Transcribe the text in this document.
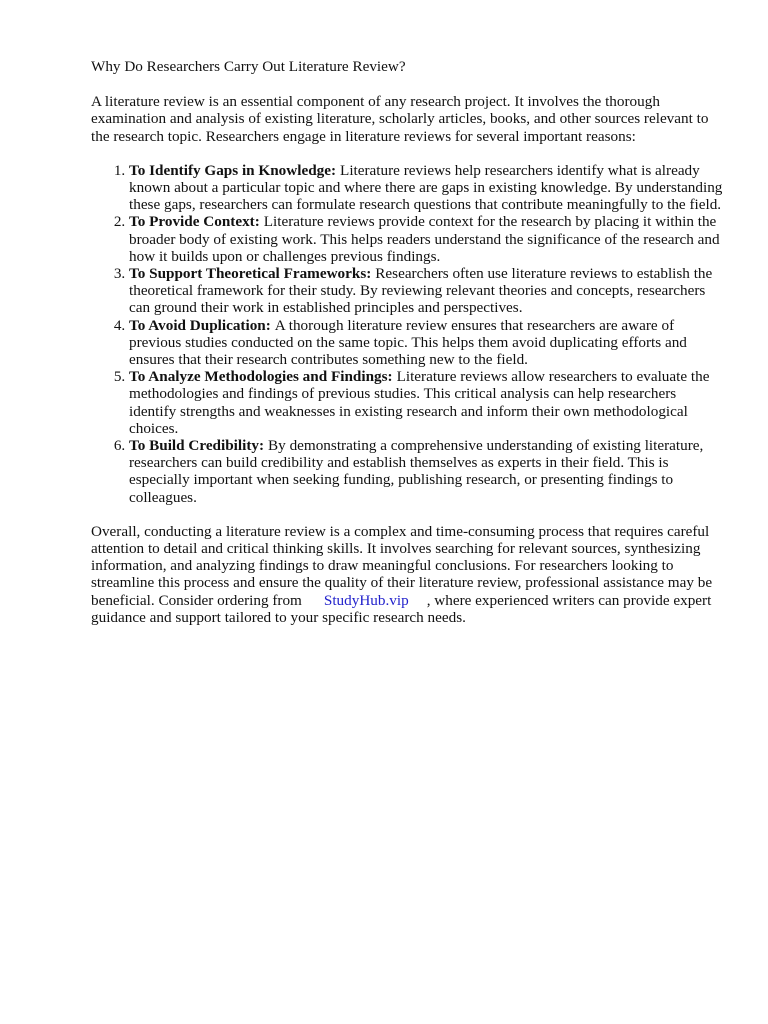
Why Do Researchers Carry Out Literature Review?

A literature review is an essential component of any research project. It involves the thorough examination and analysis of existing literature, scholarly articles, books, and other sources relevant to the research topic. Researchers engage in literature reviews for several important reasons:

1. To Identify Gaps in Knowledge: Literature reviews help researchers identify what is already known about a particular topic and where there are gaps in existing knowledge. By understanding these gaps, researchers can formulate research questions that contribute meaningfully to the field.
2. To Provide Context: Literature reviews provide context for the research by placing it within the broader body of existing work. This helps readers understand the significance of the research and how it builds upon or challenges previous findings.
3. To Support Theoretical Frameworks: Researchers often use literature reviews to establish the theoretical framework for their study. By reviewing relevant theories and concepts, researchers can ground their work in established principles and perspectives.
4. To Avoid Duplication: A thorough literature review ensures that researchers are aware of previous studies conducted on the same topic. This helps them avoid duplicating efforts and ensures that their research contributes something new to the field.
5. To Analyze Methodologies and Findings: Literature reviews allow researchers to evaluate the methodologies and findings of previous studies. This critical analysis can help researchers identify strengths and weaknesses in existing research and inform their own methodological choices.
6. To Build Credibility: By demonstrating a comprehensive understanding of existing literature, researchers can build credibility and establish themselves as experts in their field. This is especially important when seeking funding, publishing research, or presenting findings to colleagues.

Overall, conducting a literature review is a complex and time-consuming process that requires careful attention to detail and critical thinking skills. It involves searching for relevant sources, synthesizing information, and analyzing findings to draw meaningful conclusions. For researchers looking to streamline this process and ensure the quality of their literature review, professional assistance may be beneficial. Consider ordering from StudyHub.vip , where experienced writers can provide expert guidance and support tailored to your specific research needs.
